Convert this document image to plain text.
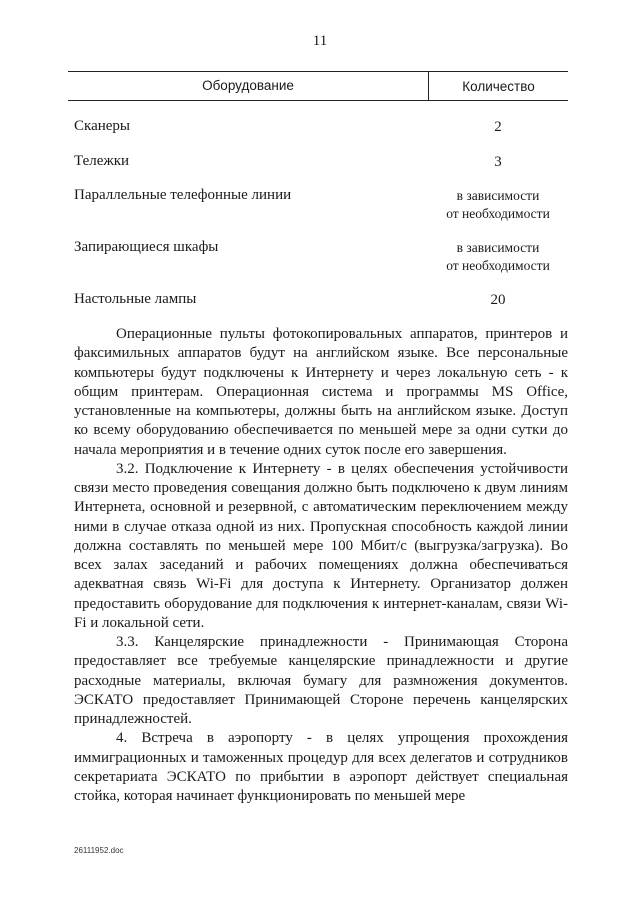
11
Оборудование	Количество
Сканеры	2
Тележки	3
Параллельные телефонные линии	в зависимости
от необходимости
Запирающиеся шкафы	в зависимости
от необходимости
Настольные лампы	20

Операционные пульты фотокопировальных аппаратов, принтеров и факсимильных аппаратов будут на английском языке. Все персональные компьютеры будут подключены к Интернету и через локальную сеть - к общим принтерам. Операционная система и программы MS Office, установленные на компьютеры, должны быть на английском языке. Доступ ко всему оборудованию обеспечивается по меньшей мере за одни сутки до начала мероприятия и в течение одних суток после его завершения.

3.2. Подключение к Интернету - в целях обеспечения устойчивости связи место проведения совещания должно быть подключено к двум линиям Интернета, основной и резервной, с автоматическим переключением между ними в случае отказа одной из них. Пропускная способность каждой линии должна составлять по меньшей мере 100 Мбит/с (выгрузка/загрузка). Во всех залах заседаний и рабочих помещениях должна обеспечиваться адекватная связь Wi-Fi для доступа к Интернету. Организатор должен предоставить оборудование для подключения к интернет-каналам, связи Wi-Fi и локальной сети.

3.3. Канцелярские принадлежности - Принимающая Сторона предоставляет все требуемые канцелярские принадлежности и другие расходные материалы, включая бумагу для размножения документов. ЭСКАТО предоставляет Принимающей Стороне перечень канцелярских принадлежностей.

4. Встреча в аэропорту - в целях упрощения прохождения иммиграционных и таможенных процедур для всех делегатов и сотрудников секретариата ЭСКАТО по прибытии в аэропорт действует специальная стойка, которая начинает функционировать по меньшей мере

26111952.doc
